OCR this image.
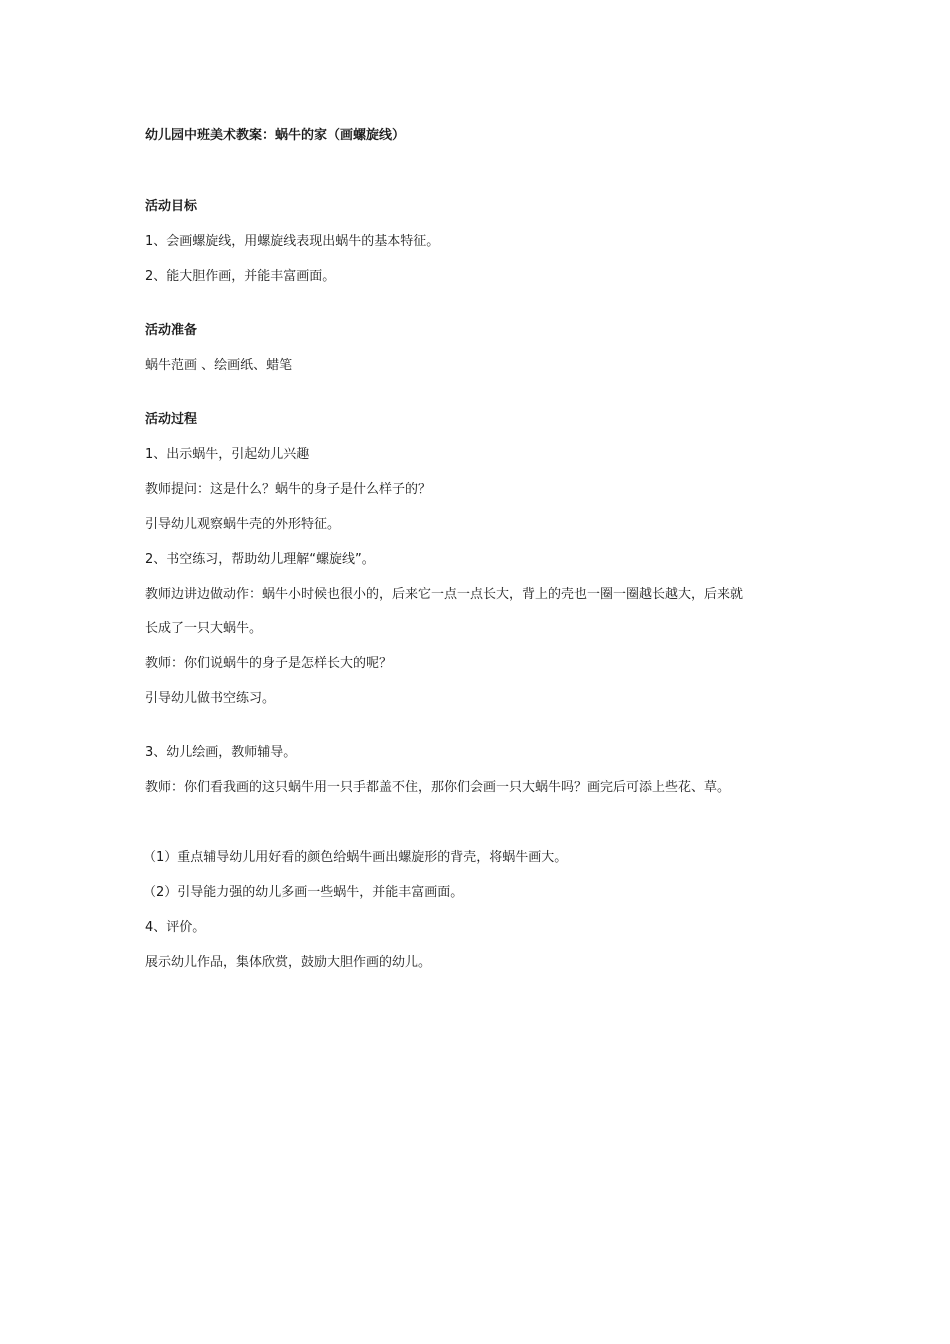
幼儿园中班美术教案：蜗牛的家（画螺旋线）
活动目标
1、会画螺旋线，用螺旋线表现出蜗牛的基本特征。
2、能大胆作画，并能丰富画面。
活动准备
蜗牛范画 、绘画纸、蜡笔
活动过程
1、出示蜗牛，引起幼儿兴趣
教师提问：这是什么？蜗牛的身子是什么样子的？
引导幼儿观察蜗牛壳的外形特征。
2、书空练习，帮助幼儿理解“螺旋线”。
教师边讲边做动作：蜗牛小时候也很小的，后来它一点一点长大，背上的壳也一圈一圈越长越大，后来就
长成了一只大蜗牛。
教师：你们说蜗牛的身子是怎样长大的呢？
引导幼儿做书空练习。
3、幼儿绘画，教师辅导。
教师：你们看我画的这只蜗牛用一只手都盖不住，那你们会画一只大蜗牛吗？画完后可添上些花、草。
（1）重点辅导幼儿用好看的颜色给蜗牛画出螺旋形的背壳，将蜗牛画大。
（2）引导能力强的幼儿多画一些蜗牛，并能丰富画面。
4、评价。
展示幼儿作品，集体欣赏，鼓励大胆作画的幼儿。
